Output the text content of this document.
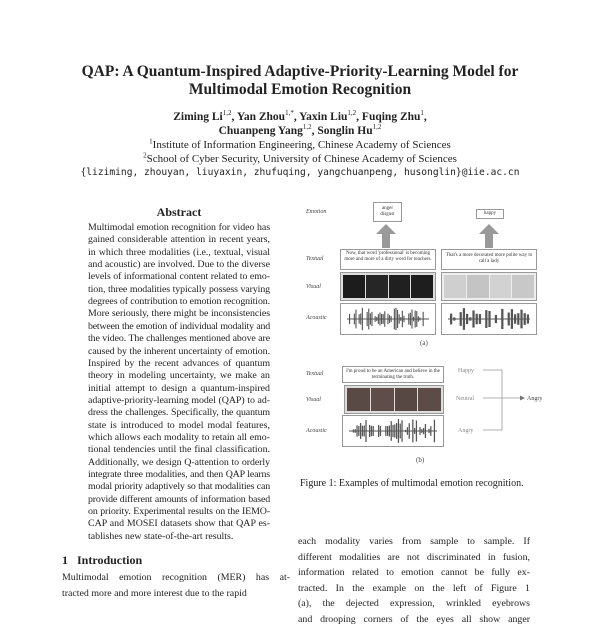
QAP: A Quantum-Inspired Adaptive-Priority-Learning Model for
Multimodal Emotion Recognition
Ziming Li$^{1,2}$, Yan Zhou$^{1,*}$, Yaxin Liu$^{1,2}$, Fuqing Zhu$^1$,
Chuanpeng Yang$^{1,2}$, Songlin Hu$^{1,2}$
$^1$Institute of Information Engineering, Chinese Academy of Sciences
$^2$School of Cyber Security, University of Chinese Academy of Sciences
{liziming, zhouyan, liuyaxin, zhufuqing, yangchuanpeng, husonglin}@iie.ac.cn
Abstract
Multimodal emotion recognition for video has
gained considerable attention in recent years,
in which three modalities (i.e., textual, visual
and acoustic) are involved. Due to the diverse
levels of informational content related to emo-
tion, three modalities typically possess varying
degrees of contribution to emotion recognition.
More seriously, there might be inconsistencies
between the emotion of individual modality and
the video. The challenges mentioned above are
caused by the inherent uncertainty of emotion.
Inspired by the recent advances of quantum
theory in modeling uncertainty, we make an
initial attempt to design a quantum-inspired
adaptive-priority-learning model (QAP) to ad-
dress the challenges. Specifically, the quantum
state is introduced to model modal features,
which allows each modality to retain all emo-
tional tendencies until the final classification.
Additionally, we design Q-attention to orderly
integrate three modalities, and then QAP learns
modal priority adaptively so that modalities can
provide different amounts of information based
on priority. Experimental results on the IEMO-
CAP and MOSEI datasets show that QAP es-
tablishes new state-of-the-art results.
1   Introduction
Multimodal emotion recognition (MER) has at-
tracted more and more interest due to the rapid
each modality varies from sample to sample. If
different modalities are not discriminated in fusion,
information related to emotion cannot be fully ex-
tracted. In the example on the left of Figure 1
(a), the dejected expression, wrinkled eyebrows
and drooping corners of the eyes all show anger
Emotion
Textual
Visual
Acoustic
anger
disgust	happy
Now, that word 'professional' is becoming more and more of a dirty word for teachers.
That's a more decorated more polite way to call a lady
(a)
Textual
Visual
Acoustic
I'm proud to be an American and believe in the terminating the truth.
Happy
Neutral
Angry
Angry
(b)
Figure 1: Examples of multimodal emotion recognition.
